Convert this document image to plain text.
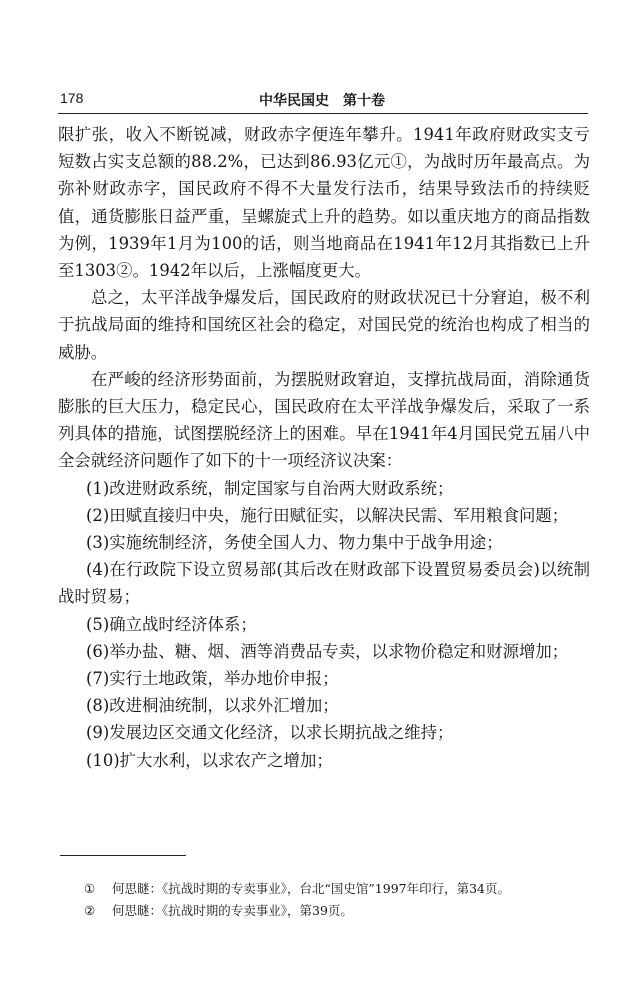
178	中华民国史　第十卷

限扩张，收入不断锐减，财政赤字便连年攀升。1941年政府财政实支亏短数占实支总额的88.2%，已达到86.93亿元①，为战时历年最高点。为弥补财政赤字，国民政府不得不大量发行法币，结果导致法币的持续贬值，通货膨胀日益严重，呈螺旋式上升的趋势。如以重庆地方的商品指数为例，1939年1月为100的话，则当地商品在1941年12月其指数已上升至1303②。1942年以后，上涨幅度更大。

总之，太平洋战争爆发后，国民政府的财政状况已十分窘迫，极不利于抗战局面的维持和国统区社会的稳定，对国民党的统治也构成了相当的威胁。

在严峻的经济形势面前，为摆脱财政窘迫，支撑抗战局面，消除通货膨胀的巨大压力，稳定民心，国民政府在太平洋战争爆发后，采取了一系列具体的措施，试图摆脱经济上的困难。早在1941年4月国民党五届八中全会就经济问题作了如下的十一项经济议决案：

(1)改进财政系统，制定国家与自治两大财政系统；

(2)田赋直接归中央，施行田赋征实，以解决民需、军用粮食问题；

(3)实施统制经济，务使全国人力、物力集中于战争用途；

(4)在行政院下设立贸易部(其后改在财政部下设置贸易委员会)以统制战时贸易；

(5)确立战时经济体系；

(6)举办盐、糖、烟、酒等消费品专卖，以求物价稳定和财源增加；

(7)实行土地政策，举办地价申报；

(8)改进桐油统制，以求外汇增加；

(9)发展边区交通文化经济，以求长期抗战之维持；

(10)扩大水利，以求农产之增加；

①	何思瞇：《抗战时期的专卖事业》，台北“国史馆”1997年印行，第34页。
②	何思瞇：《抗战时期的专卖事业》，第39页。
